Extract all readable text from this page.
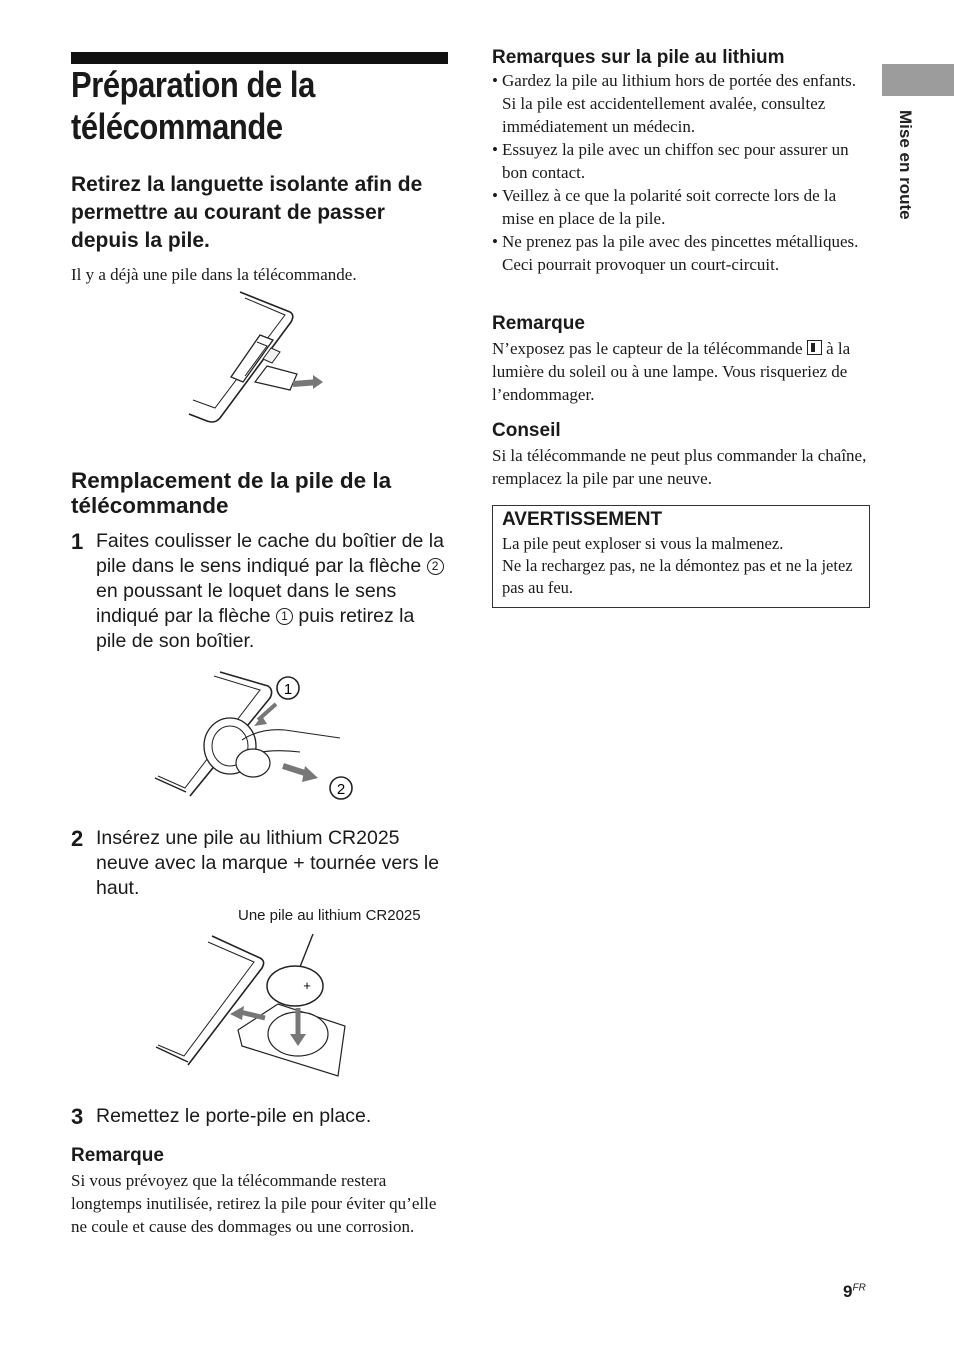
Mise en route
Préparation de la télécommande

Retirez la languette isolante afin de permettre au courant de passer depuis la pile.

Il y a déjà une pile dans la télécommande.

Remplacement de la pile de la télécommande
1 Faites coulisser le cache du boîtier de la pile dans le sens indiqué par la flèche 2 en poussant le loquet dans le sens indiqué par la flèche 1 puis retirez la pile de son boîtier.
1
2
2 Insérez une pile au lithium CR2025 neuve avec la marque + tournée vers le haut.
Une pile au lithium CR2025
+
3 Remettez le porte-pile en place.

Remarque

Si vous prévoyez que la télécommande restera longtemps inutilisée, retirez la pile pour éviter qu’elle ne coule et cause des dommages ou une corrosion.

Remarques sur la pile au lithium

• Gardez la pile au lithium hors de portée des enfants. Si la pile est accidentellement avalée, consultez immédiatement un médecin.
• Essuyez la pile avec un chiffon sec pour assurer un bon contact.
• Veillez à ce que la polarité soit correcte lors de la mise en place de la pile.
• Ne prenez pas la pile avec des pincettes métalliques. Ceci pourrait provoquer un court-circuit.

Remarque

N’exposez pas le capteur de la télécommande
à la lumière du soleil ou à une lampe. Vous risqueriez de l’endommager.

Conseil

Si la télécommande ne peut plus commander la chaîne, remplacez la pile par une neuve.

AVERTISSEMENT

La pile peut exploser si vous la malmenez.

Ne la rechargez pas, ne la démontez pas et ne la jetez pas au feu.

$9^{FR}$
